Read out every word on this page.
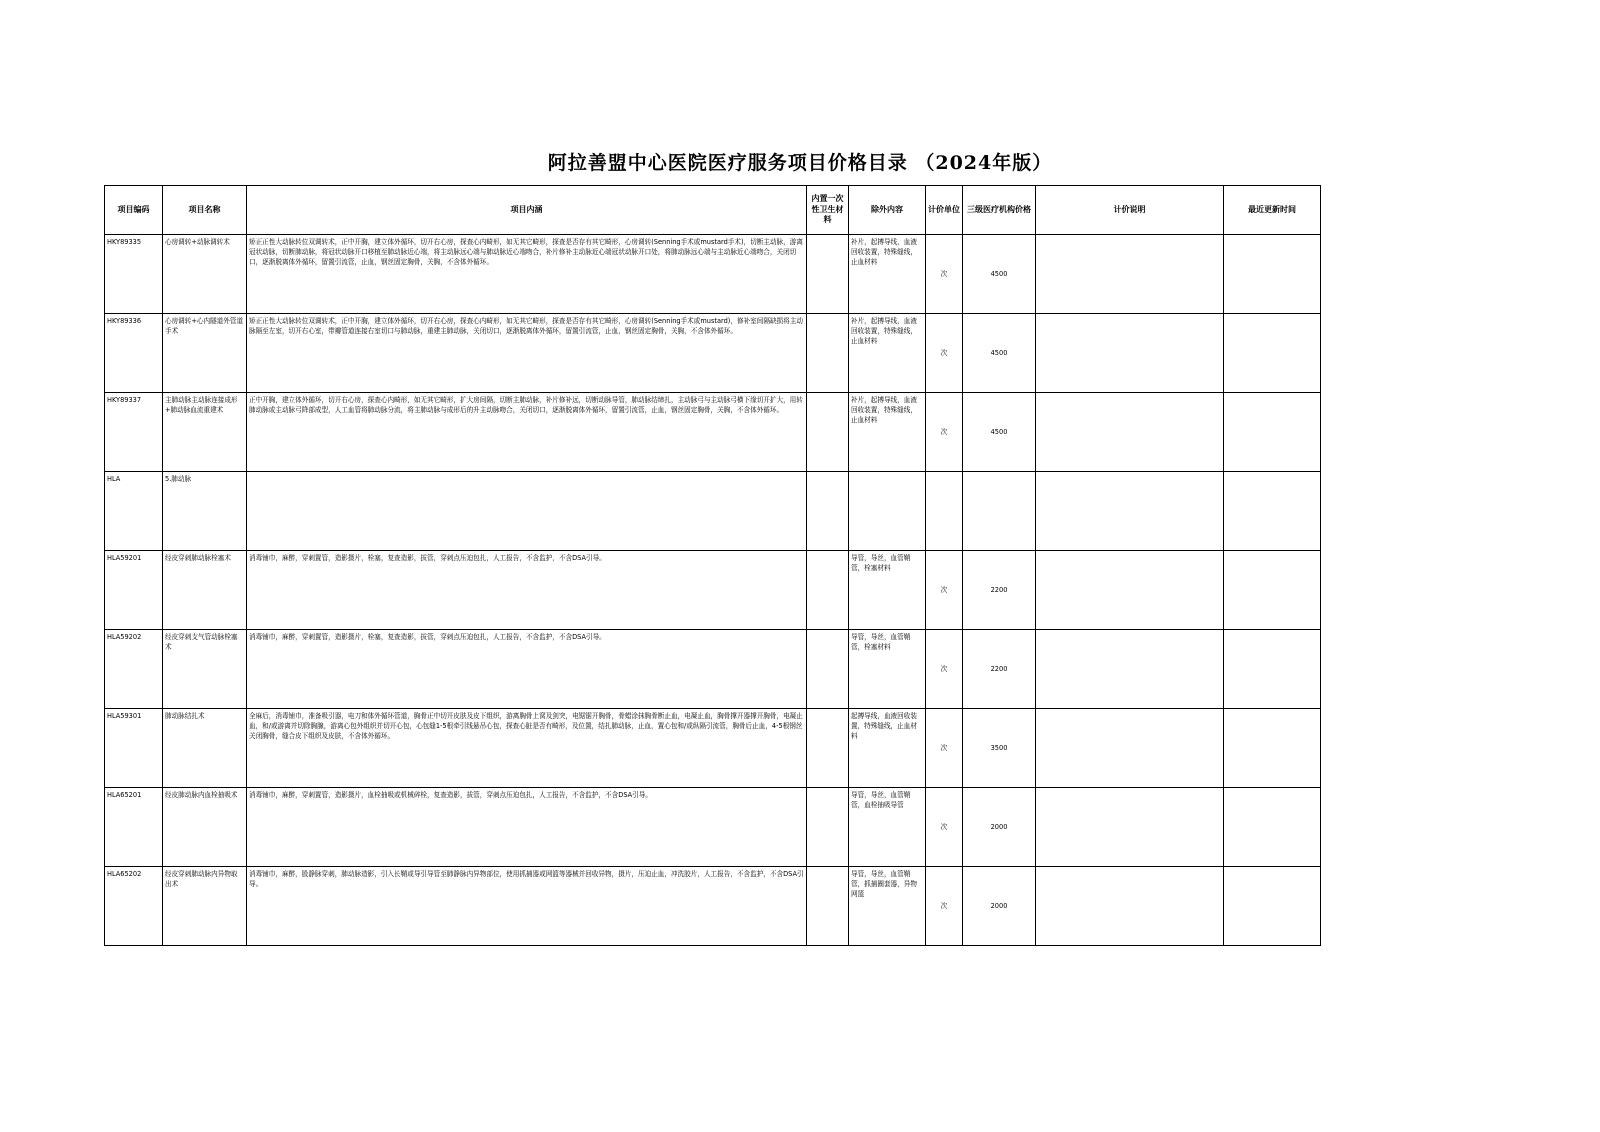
阿拉善盟中心医院医疗服务项目价格目录 （2024年版）
项目编码	项目名称	项目内涵	内置一次性卫生材料	除外内容	计价单位	三级医疗机构价格	计价说明	最近更新时间
HKY89335	心房调转+动脉调转术	矫正正性大动脉转位双调转术，正中开胸，建立体外循环，切开右心房，探查心内畸形，如无其它畸形，探查是否存有其它畸形，心房调转(Senning手术或mustard手术)，切断主动脉，游离冠状动脉，切断肺动脉，将冠状动脉开口移植至肺动脉近心端，将主动脉远心端与肺动脉近心端吻合，补片修补主动脉近心端冠状动脉开口处，将肺动脉远心端与主动脉近心端吻合，关闭切口，逐渐脱离体外循环，留置引流管，止血，钢丝固定胸骨，关胸，不含体外循环。		补片，起搏导线，血液回收装置，特殊缝线，止血材料	次	4500		
HKY89336	心房调转+心内隧道外管道手术	矫正正性大动脉转位双调转术，正中开胸，建立体外循环，切开右心房，探查心内畸形，如无其它畸形，探查是否存有其它畸形，心房调转(Senning手术或mustard)，修补室间隔缺损将主动脉隔至左室，切开右心室，带瓣管道连接右室切口与肺动脉，重建主肺动脉，关闭切口，逐渐脱离体外循环，留置引流管，止血，钢丝固定胸骨，关胸，不含体外循环。		补片，起搏导线，血液回收装置，特殊缝线，止血材料	次	4500		
HKY89337	主肺动脉主动脉连接成形+肺动脉血流重建术	正中开胸，建立体外循环，切开右心房，探查心内畸形，如无其它畸形，扩大房间隔，切断主肺动脉，补片修补远，切断动脉导管，肺动脉结缔扎，主动脉弓与主动脉弓横下缘切开扩大，用转肺动脉或主动脉弓降部成型，人工血管将肺动脉分流，将主肺动脉与成形后的升主动脉吻合，关闭切口，逐渐脱离体外循环，留置引流管，止血，钢丝固定胸骨，关胸，不含体外循环。		补片，起搏导线，血液回收装置，特殊缝线，止血材料	次	4500		
HLA	5.肺动脉							
HLA59201	经皮穿刺肺动脉栓塞术	消毒铺巾，麻醉，穿刺置管，造影摄片，栓塞，复查造影，拔管，穿刺点压迫包扎，人工报告，不含监护，不含DSA引导。		导管，导丝，血管鞘管，栓塞材料	次	2200		
HLA59202	经皮穿刺支气管动脉栓塞术	消毒铺巾，麻醉，穿刺置管，造影摄片，栓塞，复查造影，拔管，穿刺点压迫包扎，人工报告，不含监护，不含DSA引导。		导管，导丝，血管鞘管，栓塞材料	次	2200		
HLA59301	肺动脉结扎术	全麻后，消毒铺巾，准备吸引器，电刀和体外循环管道，胸骨正中切开皮肤及皮下组织，游离胸骨上窝及剑突，电锯锯开胸骨，骨蜡涂抹胸骨断止血，电凝止血，胸骨撑开器撑开胸骨，电凝止血，和/或游离并切除胸腺，游离心包外组织并切开心包，心包缝1-5根牵引线悬吊心包，探查心脏是否有畸形，及位置，结扎肺动脉，止血，置心包和/或纵隔引流管，胸骨后止血，4-5根钢丝关闭胸骨，缝合皮下组织及皮肤，不含体外循环。		起搏导线，血液回收装置，特殊缝线，止血材料	次	3500		
HLA65201	经皮肺动脉内血栓抽吸术	消毒铺巾，麻醉，穿刺置管，造影摄片，血栓抽吸或机械碎栓，复查造影，拔管，穿刺点压迫包扎，人工报告，不含监护，不含DSA引导。		导管，导丝，血管鞘管，血栓抽吸导管	次	2000		
HLA65202	经皮穿刺肺动脉内异物取出术	消毒铺巾，麻醉，股静脉穿刺，肺动脉造影，引入长鞘或导引导管至肺静脉内异物部位，使用抓捕器或网篮等器械并回收异物，摄片，压迫止血，冲洗胶片，人工报告，不含监护，不含DSA引导。		导管，导丝，血管鞘管，抓捕圈套器，异物网篮	次	2000		
